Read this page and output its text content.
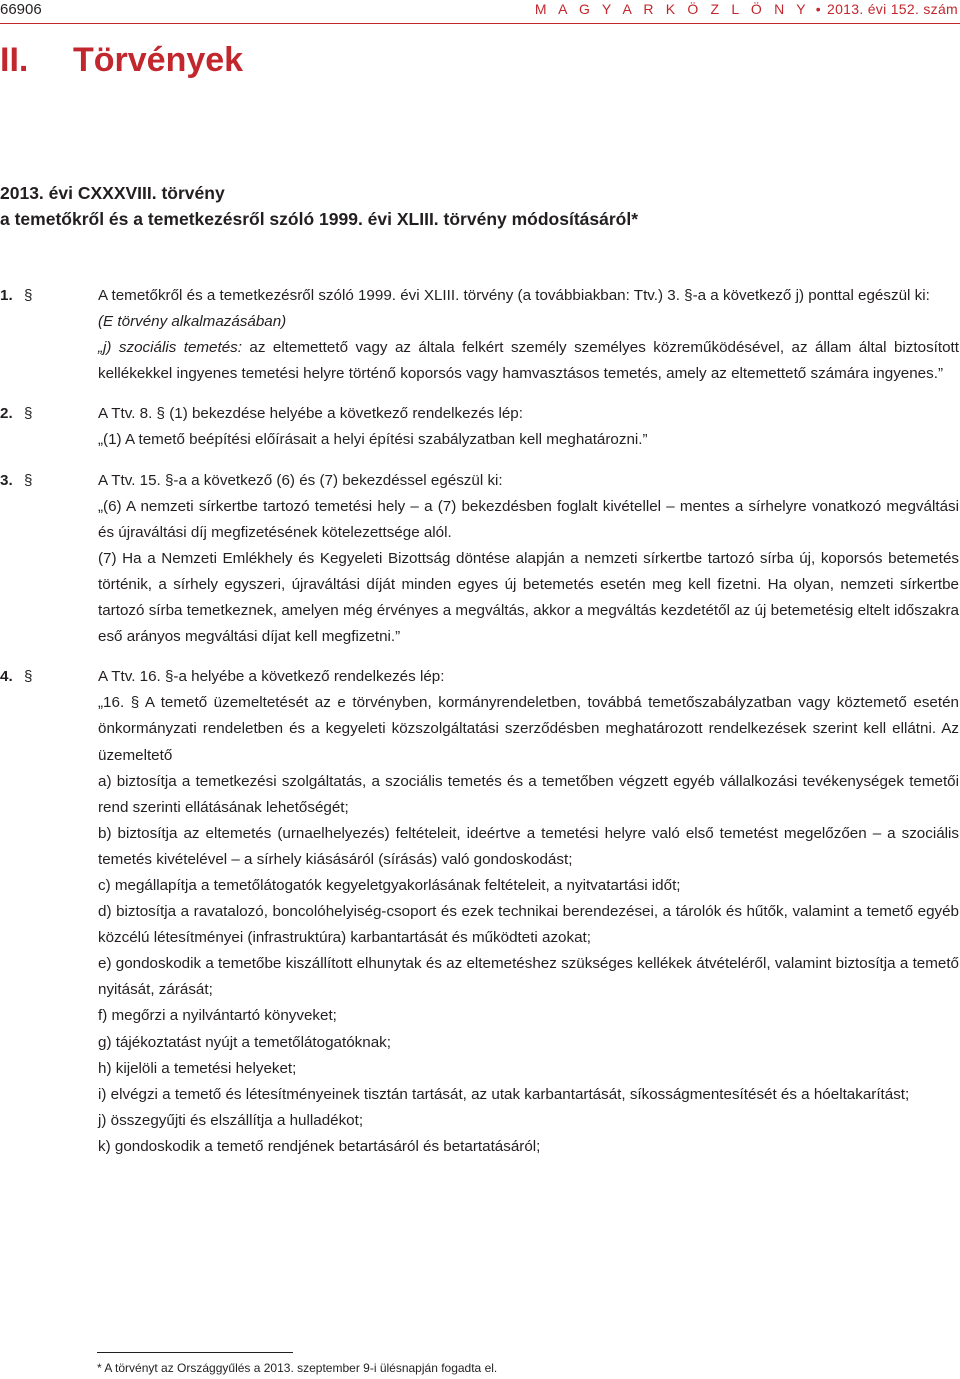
66906	M A G Y A R K Ö Z L Ö N Y • 2013. évi 152. szám
II. Törvények
2013. évi CXXXVIII. törvény
a temetőkről és a temetkezésről szóló 1999. évi XLIII. törvény módosításáról*
1. §	A temetőkről és a temetkezésről szóló 1999. évi XLIII. törvény (a továbbiakban: Ttv.) 3. §-a a következő j) ponttal egészül ki:

(E törvény alkalmazásában)

„j) szociális temetés: az eltemettető vagy az általa felkért személy személyes közreműködésével, az állam által biztosított kellékekkel ingyenes temetési helyre történő koporsós vagy hamvasztásos temetés, amely az eltemettető számára ingyenes.”

2. §	A Ttv. 8. § (1) bekezdése helyébe a következő rendelkezés lép:

„(1) A temető beépítési előírásait a helyi építési szabályzatban kell meghatározni.”

3. §	A Ttv. 15. §-a a következő (6) és (7) bekezdéssel egészül ki:

„(6) A nemzeti sírkertbe tartozó temetési hely – a (7) bekezdésben foglalt kivétellel – mentes a sírhelyre vonatkozó megváltási és újraváltási díj megfizetésének kötelezettsége alól.

(7) Ha a Nemzeti Emlékhely és Kegyeleti Bizottság döntése alapján a nemzeti sírkertbe tartozó sírba új, koporsós betemetés történik, a sírhely egyszeri, újraváltási díját minden egyes új betemetés esetén meg kell fizetni. Ha olyan, nemzeti sírkertbe tartozó sírba temetkeznek, amelyen még érvényes a megváltás, akkor a megváltás kezdetétől az új betemetésig eltelt időszakra eső arányos megváltási díjat kell megfizetni.”

4. §	A Ttv. 16. §-a helyébe a következő rendelkezés lép:

„16. § A temető üzemeltetését az e törvényben, kormányrendeletben, továbbá temetőszabályzatban vagy köztemető esetén önkormányzati rendeletben és a kegyeleti közszolgáltatási szerződésben meghatározott rendelkezések szerint kell ellátni. Az üzemeltető

a) biztosítja a temetkezési szolgáltatás, a szociális temetés és a temetőben végzett egyéb vállalkozási tevékenységek temetői rend szerinti ellátásának lehetőségét;

b) biztosítja az eltemetés (urnaelhelyezés) feltételeit, ideértve a temetési helyre való első temetést megelőzően – a szociális temetés kivételével – a sírhely kiásásáról (sírásás) való gondoskodást;

c) megállapítja a temetőlátogatók kegyeletgyakorlásának feltételeit, a nyitvatartási időt;

d) biztosítja a ravatalozó, boncolóhelyiség-csoport és ezek technikai berendezései, a tárolók és hűtők, valamint a temető egyéb közcélú létesítményei (infrastruktúra) karbantartását és működteti azokat;

e) gondoskodik a temetőbe kiszállított elhunytak és az eltemetéshez szükséges kellékek átvételéről, valamint biztosítja a temető nyitását, zárását;

f) megőrzi a nyilvántartó könyveket;

g) tájékoztatást nyújt a temetőlátogatóknak;

h) kijelöli a temetési helyeket;

i) elvégzi a temető és létesítményeinek tisztán tartását, az utak karbantartását, síkosságmentesítését és a hóeltakarítást;

j) összegyűjti és elszállítja a hulladékot;

k) gondoskodik a temető rendjének betartásáról és betartatásáról;

* A törvényt az Országgyűlés a 2013. szeptember 9-i ülésnapján fogadta el.
